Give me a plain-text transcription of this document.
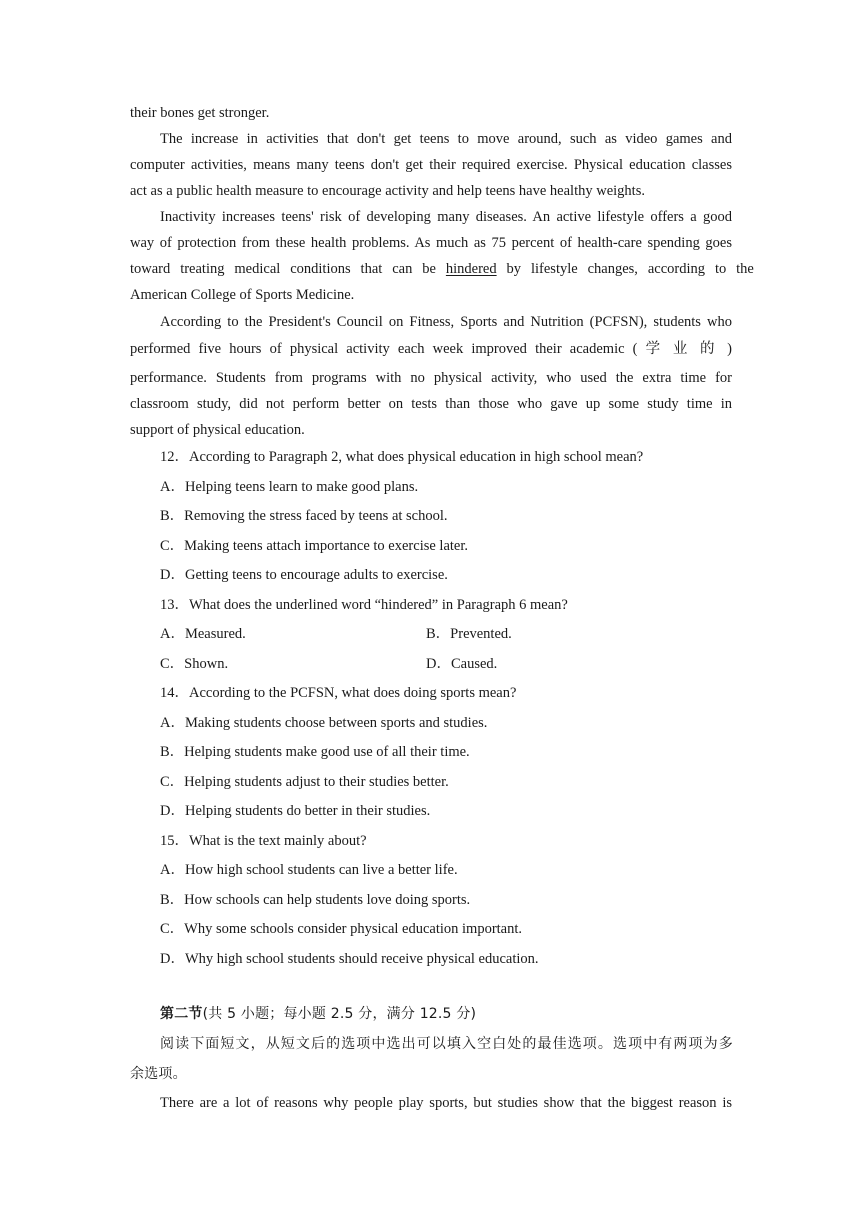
their bones get stronger.
The increase in activities that don't get teens to move around, such as video games and
computer activities, means many teens don't get their required exercise. Physical education classes
act as a public health measure to encourage activity and help teens have healthy weights.
Inactivity increases teens' risk of developing many diseases. An active lifestyle offers a good
way of protection from these health problems. As much as 75 percent of health-care spending goes
toward treating medical conditions that can be hindered by lifestyle changes, according to the
American College of Sports Medicine.
According to the President's Council on Fitness, Sports and Nutrition (PCFSN), students who
performed five hours of physical activity each week improved their academic ( 学 业 的 )
performance. Students from programs with no physical activity, who used the extra time for
classroom study, did not perform better on tests than those who gave up some study time in
support of physical education.
12．According to Paragraph 2, what does physical education in high school mean?
A．Helping teens learn to make good plans.
B．Removing the stress faced by teens at school.
C．Making teens attach importance to exercise later.
D．Getting teens to encourage adults to exercise.
13．What does the underlined word “hindered” in Paragraph 6 mean?
A．Measured.	B．Prevented.
C．Shown.	D．Caused.
14．According to the PCFSN, what does doing sports mean?
A．Making students choose between sports and studies.
B．Helping students make good use of all their time.
C．Helping students adjust to their studies better.
D．Helping students do better in their studies.
15．What is the text mainly about?
A．How high school students can live a better life.
B．How schools can help students love doing sports.
C．Why some schools consider physical education important.
D．Why high school students should receive physical education.
第二节(共 5 小题；每小题 2.5 分，满分 12.5 分)
阅读下面短文，从短文后的选项中选出可以填入空白处的最佳选项。选项中有两项为多
余选项。
There are a lot of reasons why people play sports, but studies show that the biggest reason is
